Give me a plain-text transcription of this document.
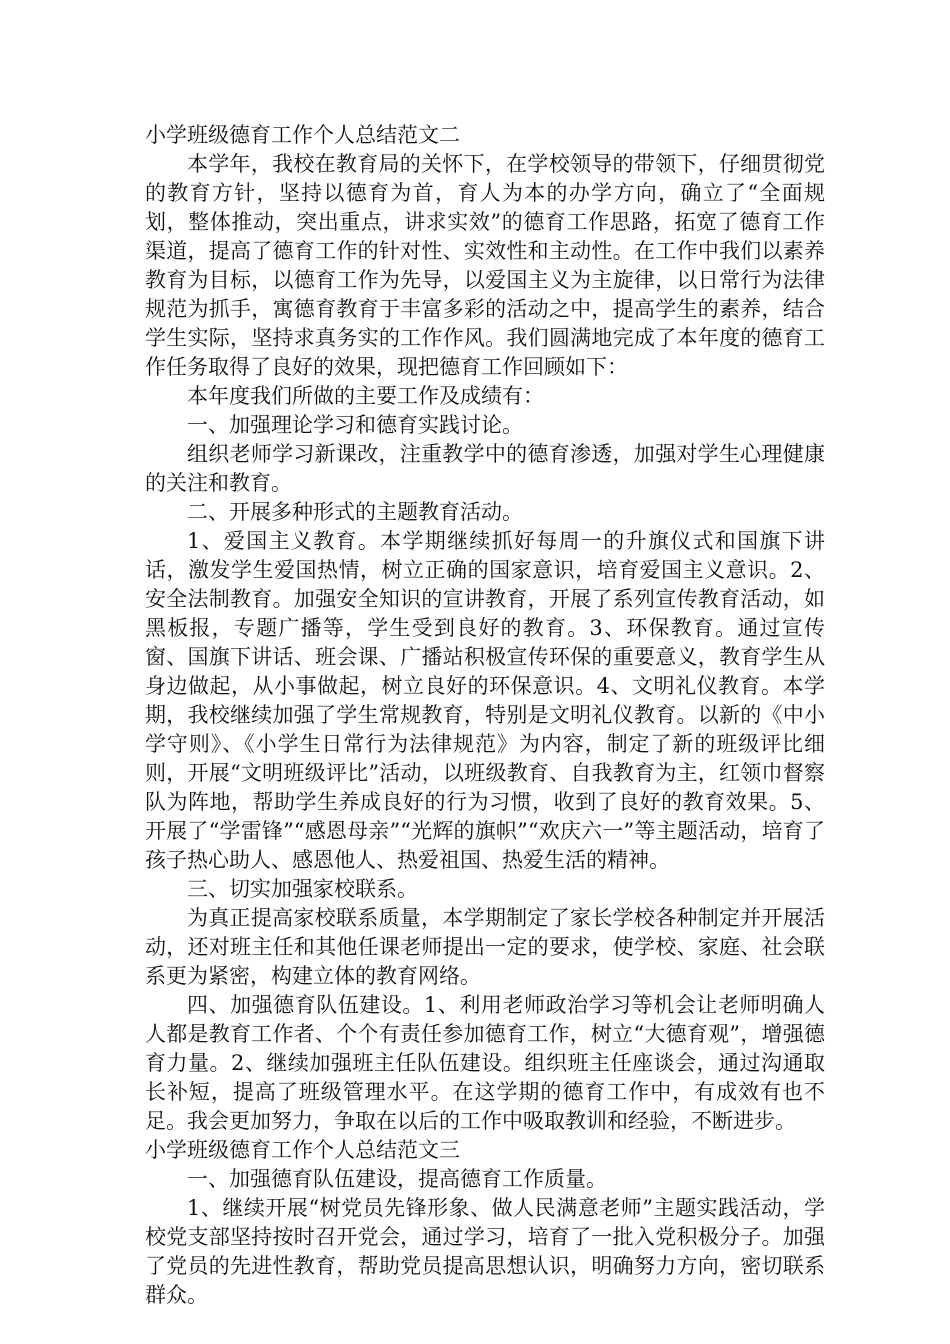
小学班级德育工作个人总结范文二

本学年，我校在教育局的关怀下，在学校领导的带领下，仔细贯彻党的教育方针，坚持以德育为首，育人为本的办学方向，确立了“全面规划，整体推动，突出重点，讲求实效”的德育工作思路，拓宽了德育工作渠道，提高了德育工作的针对性、实效性和主动性。在工作中我们以素养教育为目标，以德育工作为先导，以爱国主义为主旋律，以日常行为法律规范为抓手，寓德育教育于丰富多彩的活动之中，提高学生的素养，结合学生实际，坚持求真务实的工作作风。我们圆满地完成了本年度的德育工作任务取得了良好的效果，现把德育工作回顾如下：

本年度我们所做的主要工作及成绩有：

一、加强理论学习和德育实践讨论。

组织老师学习新课改，注重教学中的德育渗透，加强对学生心理健康的关注和教育。

二、开展多种形式的主题教育活动。

1、爱国主义教育。本学期继续抓好每周一的升旗仪式和国旗下讲话，激发学生爱国热情，树立正确的国家意识，培育爱国主义意识。2、安全法制教育。加强安全知识的宣讲教育，开展了系列宣传教育活动，如黑板报，专题广播等，学生受到良好的教育。3、环保教育。通过宣传窗、国旗下讲话、班会课、广播站积极宣传环保的重要意义，教育学生从身边做起，从小事做起，树立良好的环保意识。4、文明礼仪教育。本学期，我校继续加强了学生常规教育，特别是文明礼仪教育。以新的《中小学守则》、《小学生日常行为法律规范》为内容，制定了新的班级评比细则，开展“文明班级评比”活动，以班级教育、自我教育为主，红领巾督察队为阵地，帮助学生养成良好的行为习惯，收到了良好的教育效果。5、开展了“学雷锋”“感恩母亲”“光辉的旗帜”“欢庆六一”等主题活动，培育了孩子热心助人、感恩他人、热爱祖国、热爱生活的精神。

三、切实加强家校联系。

为真正提高家校联系质量，本学期制定了家长学校各种制定并开展活动，还对班主任和其他任课老师提出一定的要求，使学校、家庭、社会联系更为紧密，构建立体的教育网络。

四、加强德育队伍建设。1、利用老师政治学习等机会让老师明确人人都是教育工作者、个个有责任参加德育工作，树立“大德育观”，增强德育力量。2、继续加强班主任队伍建设。组织班主任座谈会，通过沟通取长补短，提高了班级管理水平。在这学期的德育工作中，有成效有也不足。我会更加努力，争取在以后的工作中吸取教训和经验，不断进步。

小学班级德育工作个人总结范文三

一、加强德育队伍建设，提高德育工作质量。

1、继续开展“树党员先锋形象、做人民满意老师”主题实践活动，学校党支部坚持按时召开党会，通过学习，培育了一批入党积极分子。加强了党员的先进性教育，帮助党员提高思想认识，明确努力方向，密切联系群众。
